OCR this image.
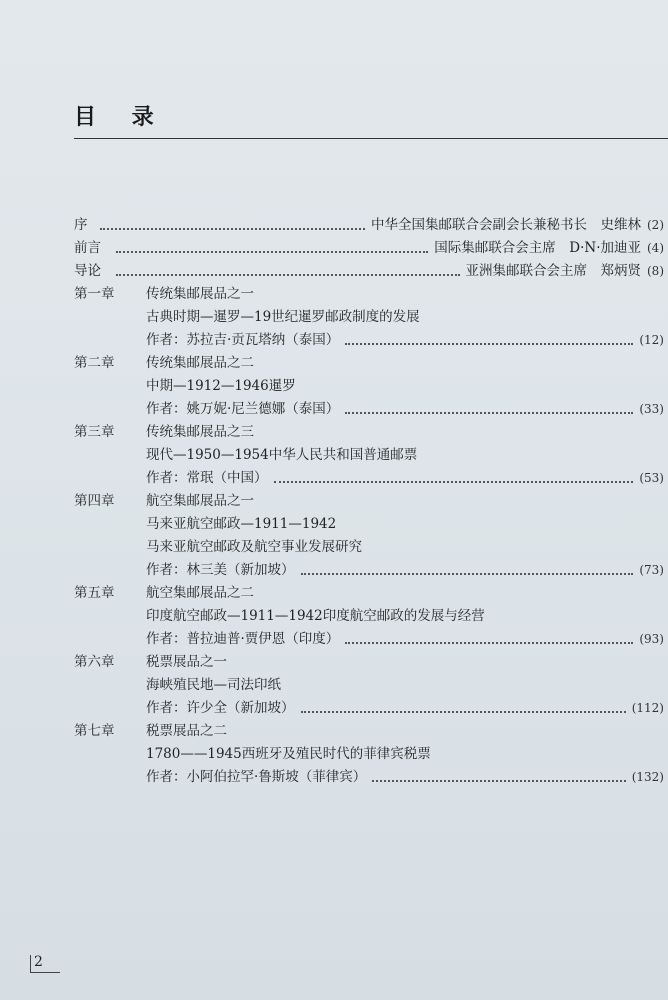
目 录
序	中华全国集邮联合会副会长兼秘书长　史维林 (2)
前言	国际集邮联合会主席　D·N·加迪亚 (4)
导论	亚洲集邮联合会主席　郑炳贤 (8)
第一章 传统集邮展品之一
古典时期—暹罗—19世纪暹罗邮政制度的发展
作者：苏拉吉·贡瓦塔纳（泰国）	(12)
第二章 传统集邮展品之二
中期—1912—1946暹罗
作者：姚万妮·尼兰德娜（泰国）	(33)
第三章 传统集邮展品之三
现代—1950—1954中华人民共和国普通邮票
作者：常珉（中国）	(53)
第四章 航空集邮展品之一
马来亚航空邮政—1911—1942
马来亚航空邮政及航空事业发展研究
作者：林三美（新加坡）	(73)
第五章 航空集邮展品之二
印度航空邮政—1911—1942印度航空邮政的发展与经营
作者：普拉迪普·贾伊恩（印度）	(93)
第六章 税票展品之一
海峡殖民地—司法印纸
作者：许少全（新加坡）	(112)
第七章 税票展品之二
1780——1945西班牙及殖民时代的菲律宾税票
作者：小阿伯拉罕·鲁斯坡（菲律宾）	(132)
2
